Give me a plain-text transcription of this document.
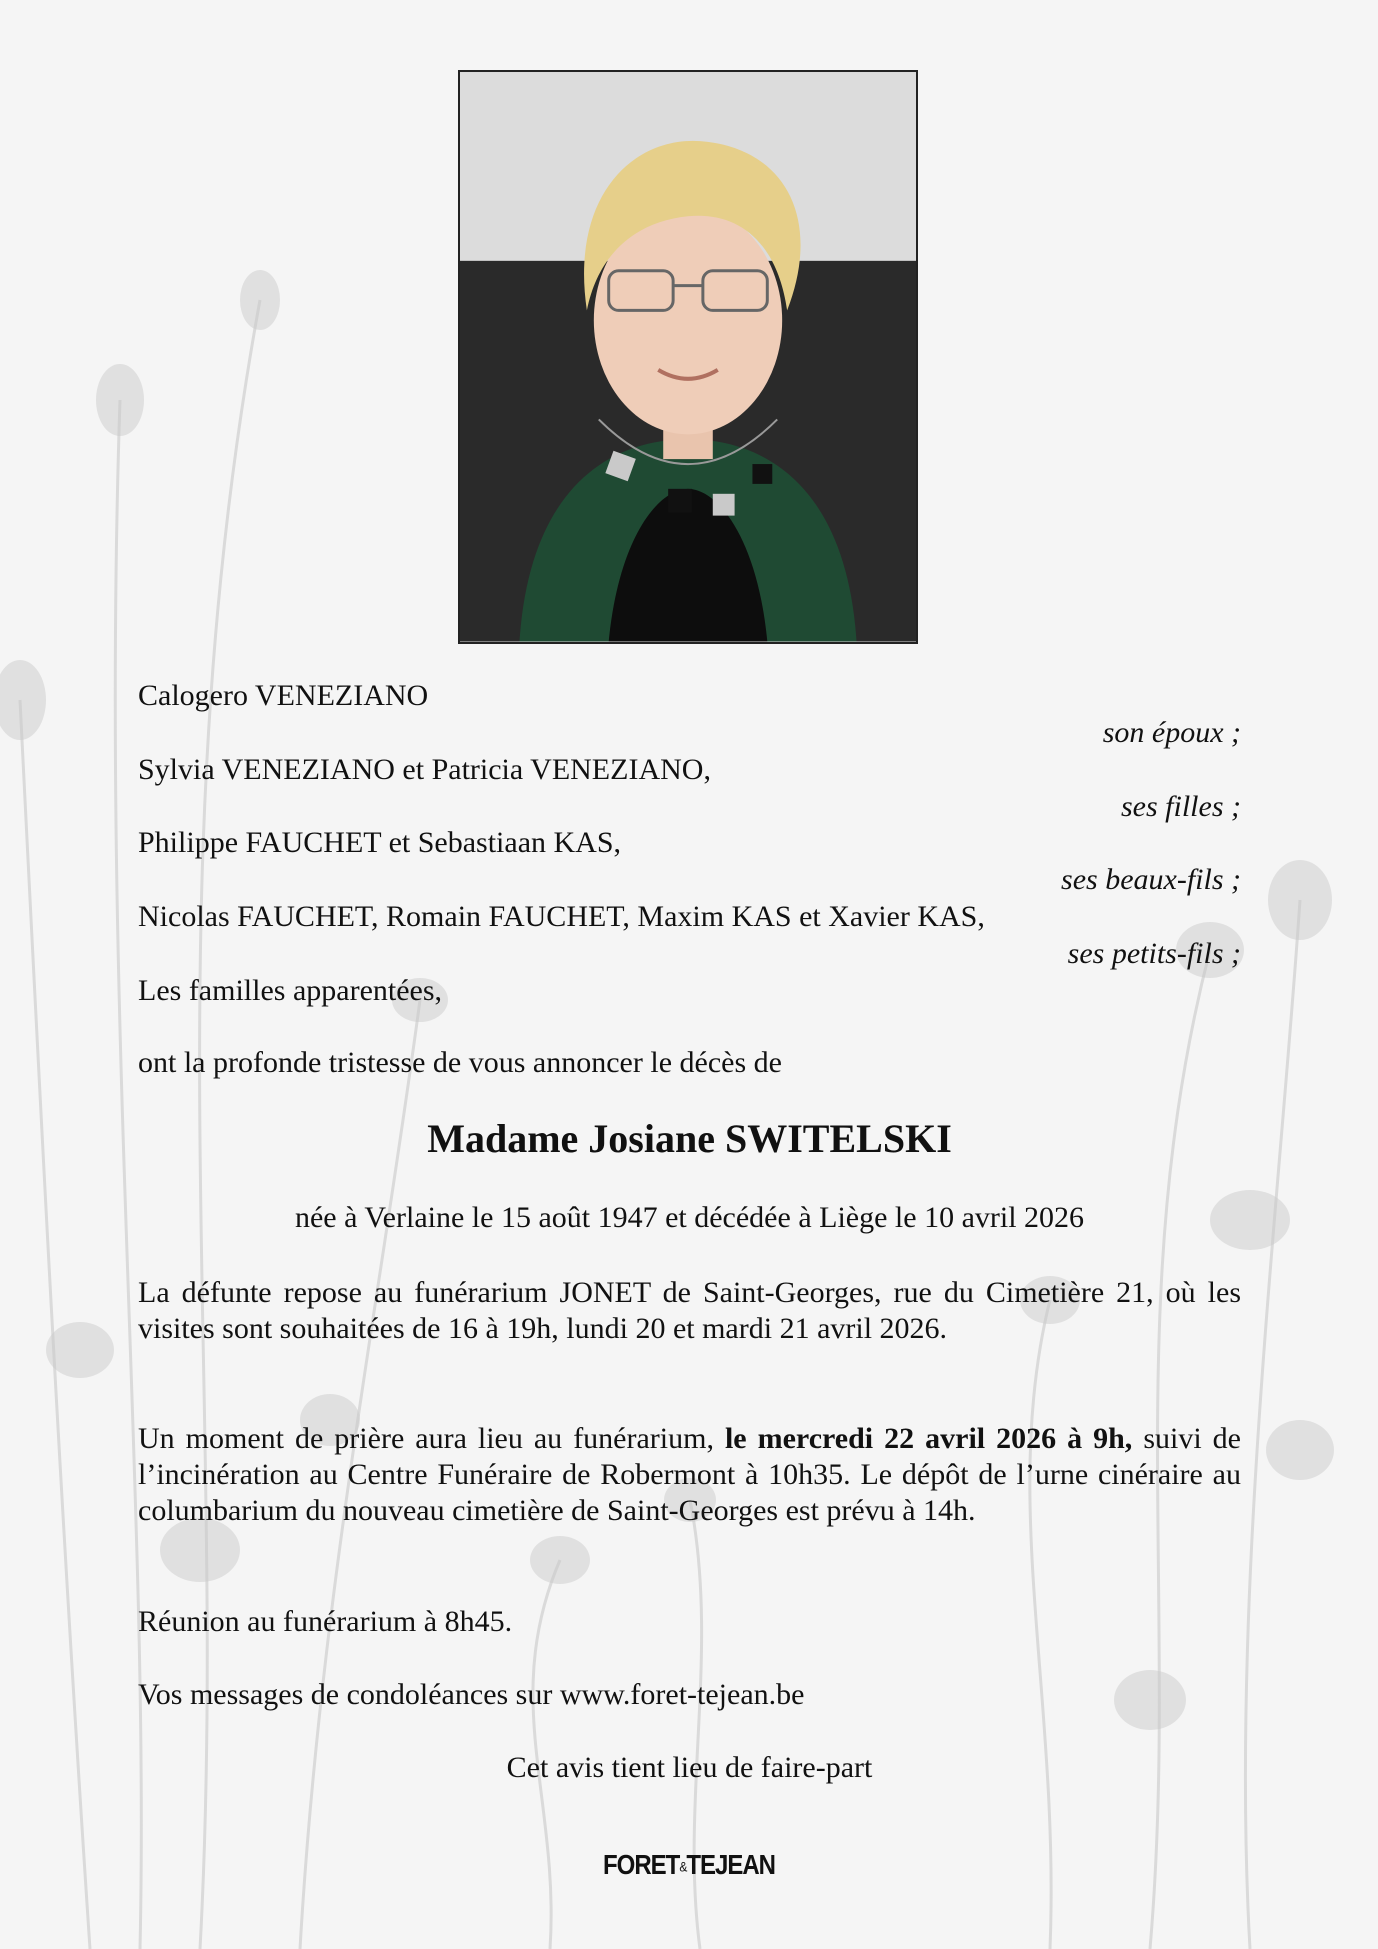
Calogero VENEZIANO
son époux ;
Sylvia VENEZIANO et Patricia VENEZIANO,
ses filles ;
Philippe FAUCHET et Sebastiaan KAS,
ses beaux-fils ;
Nicolas FAUCHET, Romain FAUCHET, Maxim KAS et Xavier KAS,
ses petits-fils ;
Les familles apparentées,
ont la profonde tristesse de vous annoncer le décès de
Madame Josiane SWITELSKI
née à Verlaine le 15 août 1947 et décédée à Liège le 10 avril 2026
La défunte repose au funérarium JONET de Saint-Georges, rue du Cimetière 21, où les visites sont souhaitées de 16 à 19h, lundi 20 et mardi 21 avril 2026.
Un moment de prière aura lieu au funérarium, le mercredi 22 avril 2026 à 9h, suivi de l’incinération au Centre Funéraire de Robermont à 10h35. Le dépôt de l’urne cinéraire au columbarium du nouveau cimetière de Saint-Georges est prévu à 14h.
Réunion au funérarium à 8h45.
Vos messages de condoléances sur www.foret-tejean.be
Cet avis tient lieu de faire-part
FORET&TEJEAN
